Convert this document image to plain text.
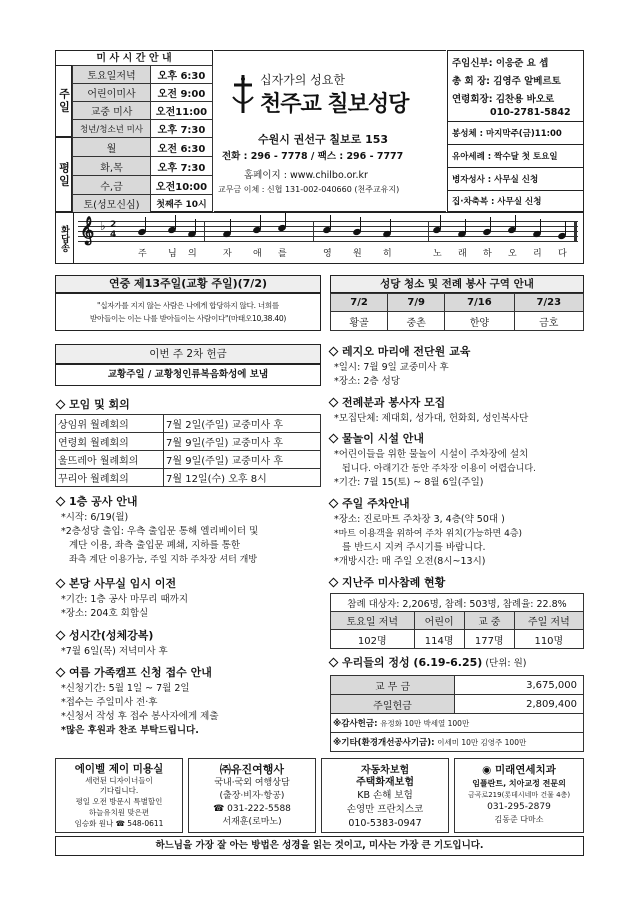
미 사 시 간 안 내
주일
평일
토요일저녁	오후 6:30
어린이미사	오전 9:00
교중 미사	오전11:00
청년/청소년 미사	오후 7:30
월	오전 6:30
화,목	오후 7:30
수,금	오전10:00
토(성모신심)	첫째주 10시
십자가의 성요한
천주교 칠보성당
수원시 권선구 칠보로 153
전화 : 296 - 7778 / 팩스 : 296 - 7777
홈페이지 : www.chilbo.or.kr
교무금 이체 : 신협 131-002-040660 (천주교유지)
주임신부: 이응준 요 셉
총 회 장: 김영주 알베르토
연령회장: 김찬용 바오로
010-2781-5842
봉성체 : 마지막주(금)11:00
유아세례 : 짝수달 첫 토요일
병자성사 : 사무실 신청
집·차축복 : 사무실 신청
화답송 𝄞 ♭ 2
4
주 님 의	자 애 를	영 원 히	노 래 하 오 리 다
연중 제13주일(교황 주일)(7/2)
"십자가를 지지 않는 사람은 나에게 합당하지 않다. 너희를
받아들이는 이는 나를 받아들이는 사람이다"(마태오10,38.40)
성당 청소 및 전례 봉사 구역 안내
7/2	7/9	7/16	7/23
황골	중촌	한양	금호
이번 주 2차 헌금
교황주일 / 교황청인류복음화성에 보냄
모임 및 회의
상임위 월례회의	7월 2일(주일) 교중미사 후
연령회 월례회의	7월 9일(주일) 교중미사 후
울뜨레아 월례회의	7월 9일(주일) 교중미사 후
꾸리아 월례회의	7월 12일(수) 오후 8시
1층 공사 안내
*시작: 6/19(월)
*2층성당 출입: 우측 출입문 통해 엘리베이터 및
계단 이용, 좌측 출입문 폐쇄, 지하를 통한
좌측 계단 이용가능, 주일 지하 주차장 셔터 개방
본당 사무실 임시 이전
*기간: 1층 공사 마무리 때까지
*장소: 204호 회합실
성시간(성체강복)
*7월 6일(목) 저녁미사 후
여름 가족캠프 신청 접수 안내
*신청기간: 5월 1일 ~ 7월 2일
*접수는 주일미사 전·후
*신청서 작성 후 접수 봉사자에게 제출
*많은 후원과 찬조 부탁드립니다.
레지오 마리애 전단원 교육
*일시: 7월 9일 교중미사 후
*장소: 2층 성당
전례분과 봉사자 모집
*모집단체: 제대회, 성가대, 헌화회, 성인복사단
물놀이 시설 안내
*어린이들을 위한 물놀이 시설이 주차장에 설치
됩니다. 아래기간 동안 주차장 이용이 어렵습니다.
*기간: 7월 15(토) ~ 8월 6일(주일)
주일 주차안내
*장소: 진로마트 주차장 3, 4층(약 50대 )
*마트 이용객을 위하여 주차 위치(가능하면 4층)
를 반드시 지켜 주시기를 바랍니다.
*개방시간: 매 주일 오전(8시~13시)
지난주 미사참례 현황
참례 대상자: 2,206명, 참례: 503명, 참례율: 22.8%			
토요일 저녁	어린이	교 중	주일 저녁
102명	114명	177명	110명
우리들의 정성 (6.19-6.25) (단위: 원)
교 무 금	3,675,000
주일헌금	2,809,400
※감사헌금: 유정화 10만 박세열 100만	
※기타(환경개선공사기금): 이세미 10만 김영주 100만	
에이벨 제이 미용실
세련된 디자이너들이
기다립니다.
평일 오전 방문시 특별할인
하늘유치원 맞은편
임승화 원나 ☎ 548-0611
㈜유진여행사
국내·국외 여행상담
(출장·비자·항공)
☎ 031-222-5588
서재훈(로마노)
자동차보험
주택화재보험
KB 손해 보험
손영만 프란치스코
010-5383-0947
◉ 미래연세치과
임플란트, 치아교정 전문의
금곡로219(롯데시네마 건물 4층)
031-295-2879
김동준 다마소
하느님을 가장 잘 아는 방법은 성경을 읽는 것이고, 미사는 가장 큰 기도입니다.
